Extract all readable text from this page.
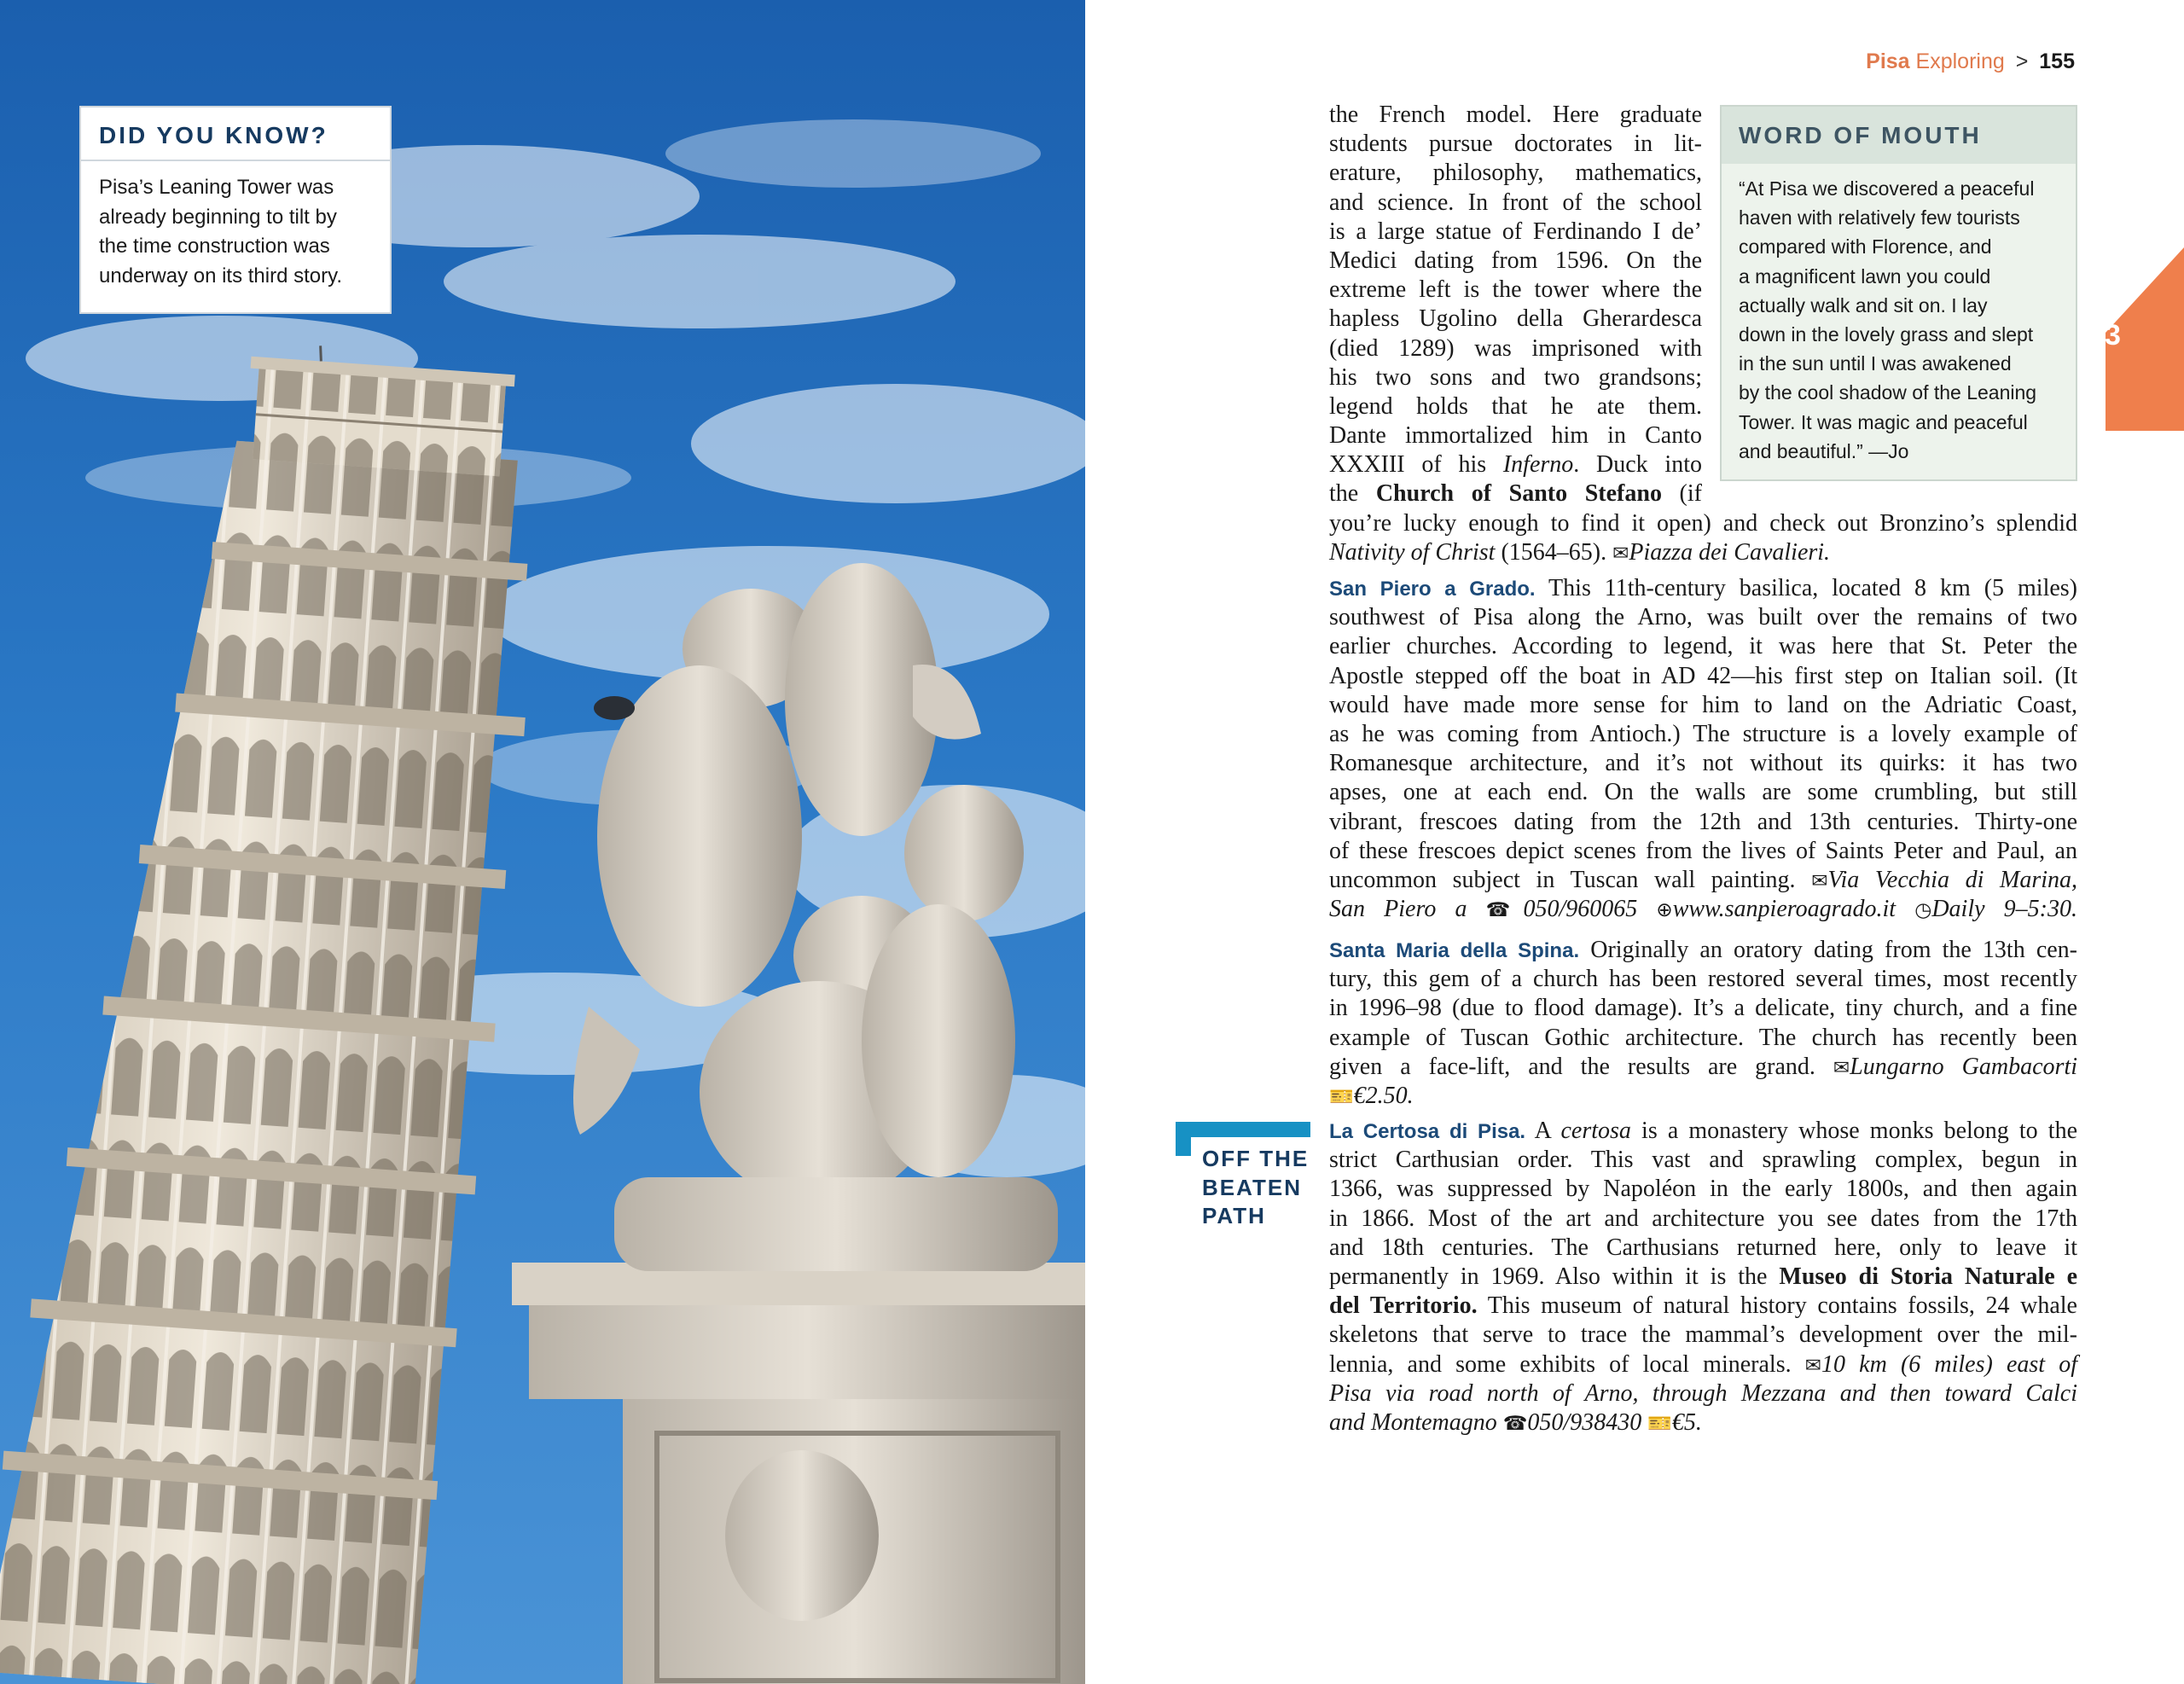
DID YOU KNOW?
Pisa’s Leaning Tower was
already beginning to tilt by
the time construction was
underway on its third story.
Pisa Exploring > 155
3
WORD OF MOUTH
“At Pisa we discovered a peaceful
haven with relatively few tourists
compared with Florence, and
a magnificent lawn you could
actually walk and sit on. I lay
down in the lovely grass and slept
in the sun until I was awakened
by the cool shadow of the Leaning
Tower. It was magic and peaceful
and beautiful.” —Jo
the French model. Here graduate
students pursue doctorates in lit-
erature, philosophy, mathematics,
and science. In front of the school
is a large statue of Ferdinando I de’
Medici dating from 1596. On the
extreme left is the tower where the
hapless Ugolino della Gherardesca
(died 1289) was imprisoned with
his two sons and two grandsons;
legend holds that he ate them.
Dante immortalized him in Canto
XXXIII of his Inferno. Duck into
the Church of Santo Stefano (if
you’re lucky enough to find it open) and check out Bronzino’s splendid
Nativity of Christ (1564–65). ✉Piazza dei Cavalieri.
San Piero a Grado. This 11th-century basilica, located 8 km (5 miles)
southwest of Pisa along the Arno, was built over the remains of two
earlier churches. According to legend, it was here that St. Peter the
Apostle stepped off the boat in AD 42—his first step on Italian soil. (It
would have made more sense for him to land on the Adriatic Coast,
as he was coming from Antioch.) The structure is a lovely example of
Romanesque architecture, and it’s not without its quirks: it has two
apses, one at each end. On the walls are some crumbling, but still
vibrant, frescoes dating from the 12th and 13th centuries. Thirty-one
of these frescoes depict scenes from the lives of Saints Peter and Paul, an
uncommon subject in Tuscan wall painting. ✉Via Vecchia di Marina,
San Piero a ☎050/960065 ⊕www.sanpieroagrado.it ◷Daily 9–5:30.
Santa Maria della Spina. Originally an oratory dating from the 13th cen-
tury, this gem of a church has been restored several times, most recently
in 1996–98 (due to flood damage). It’s a delicate, tiny church, and a fine
example of Tuscan Gothic architecture. The church has recently been
given a face-lift, and the results are grand. ✉Lungarno Gambacorti
🎫€2.50.
OFF THE
BEATEN
PATH
La Certosa di Pisa. A certosa is a monastery whose monks belong to the
strict Carthusian order. This vast and sprawling complex, begun in
1366, was suppressed by Napoléon in the early 1800s, and then again
in 1866. Most of the art and architecture you see dates from the 17th
and 18th centuries. The Carthusians returned here, only to leave it
permanently in 1969. Also within it is the Museo di Storia Naturale e
del Territorio. This museum of natural history contains fossils, 24 whale
skeletons that serve to trace the mammal’s development over the mil-
lennia, and some exhibits of local minerals. ✉10 km (6 miles) east of
Pisa via road north of Arno, through Mezzana and then toward Calci
and Montemagno ☎050/938430 🎫€5.
